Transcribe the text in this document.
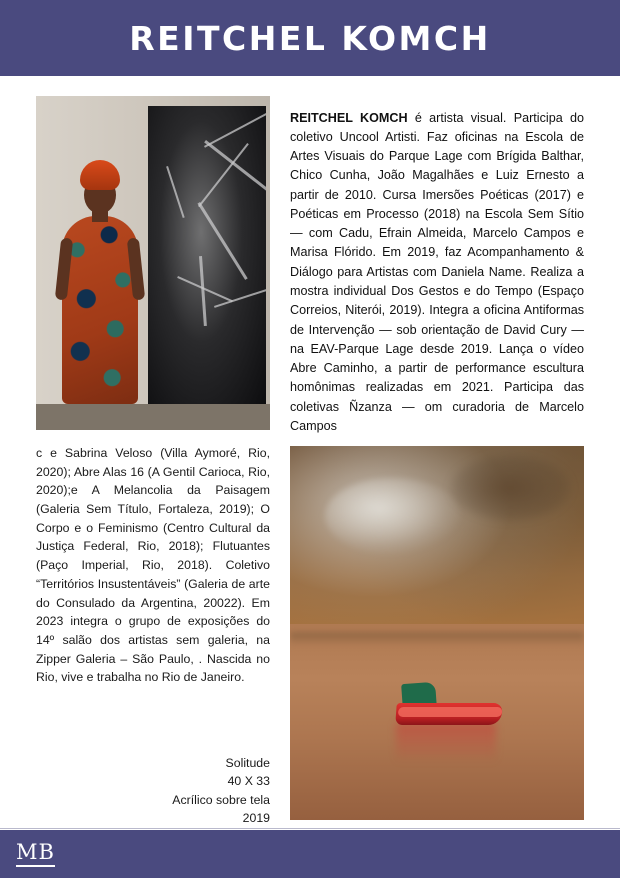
REITCHEL KOMCH
c e Sabrina Veloso (Villa Aymoré, Rio, 2020); Abre Alas 16 (A Gentil Carioca, Rio, 2020);e A Melancolia da Paisagem (Galeria Sem Título, Fortaleza, 2019); O Corpo e o Feminismo (Centro Cultural da Justiça Federal, Rio, 2018); Flutuantes (Paço Imperial, Rio, 2018). Coletivo “Territórios Insustentáveis” (Galeria de arte do Consulado da Argentina, 20022). Em 2023 integra o grupo de exposições do 14º salão dos artistas sem galeria, na Zipper Galeria – São Paulo, . Nascida no Rio, vive e trabalha no Rio de Janeiro.
Solitude
40 X 33
Acrílico sobre tela
2019

REITCHEL KOMCH é artista visual. Participa do coletivo Uncool Artisti. Faz oficinas na Escola de Artes Visuais do Parque Lage com Brígida Balthar, Chico Cunha, João Magalhães e Luiz Ernesto a partir de 2010. Cursa Imersões Poéticas (2017) e Poéticas em Processo (2018) na Escola Sem Sítio — com Cadu, Efrain Almeida, Marcelo Campos e Marisa Flórido. Em 2019, faz Acompanhamento & Diálogo para Artistas com Daniela Name. Realiza a mostra individual Dos Gestos e do Tempo (Espaço Correios, Niterói, 2019). Integra a oficina Antiformas de Intervenção — sob orientação de David Cury — na EAV-Parque Lage desde 2019. Lança o vídeo Abre Caminho, a partir de performance escultura homônimas realizadas em 2021. Participa das coletivas Ñzanza — om curadoria de Marcelo Campos

MB
